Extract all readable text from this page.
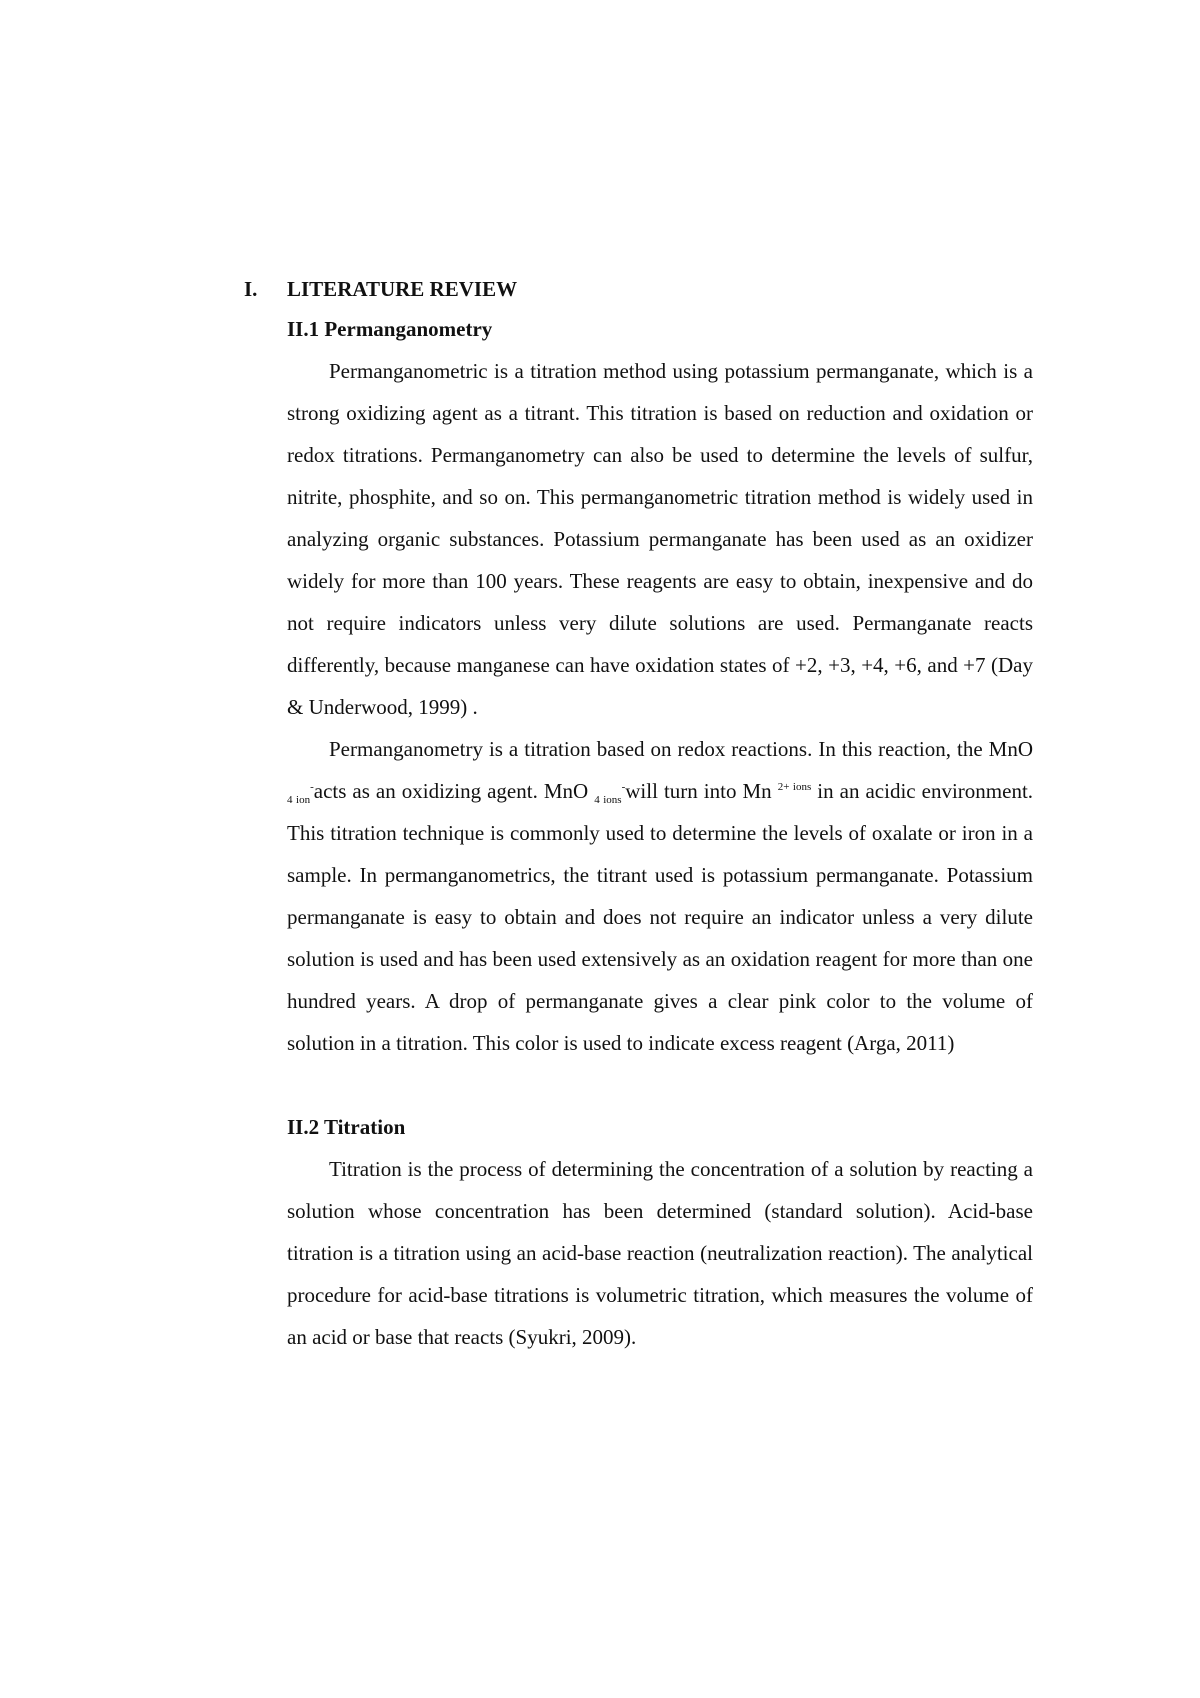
I. LITERATURE REVIEW
II.1 Permanganometry

Permanganometric is a titration method using potassium permanganate, which is a strong oxidizing agent as a titrant. This titration is based on reduction and oxidation or redox titrations. Permanganometry can also be used to determine the levels of sulfur, nitrite, phosphite, and so on. This permanganometric titration method is widely used in analyzing organic substances. Potassium permanganate has been used as an oxidizer widely for more than 100 years. These reagents are easy to obtain, inexpensive and do not require indicators unless very dilute solutions are used. Permanganate reacts differently, because manganese can have oxidation states of +2, +3, +4, +6, and +7 (Day & Underwood, 1999) .

Permanganometry is a titration based on redox reactions. In this reaction, the MnO $_{4 ion}$-acts as an oxidizing agent. MnO $_{4 ions}$-will turn into Mn $^{2+ ions}$ in an acidic environment. This titration technique is commonly used to determine the levels of oxalate or iron in a sample. In permanganometrics, the titrant used is potassium permanganate. Potassium permanganate is easy to obtain and does not require an indicator unless a very dilute solution is used and has been used extensively as an oxidation reagent for more than one hundred years. A drop of permanganate gives a clear pink color to the volume of solution in a titration. This color is used to indicate excess reagent (Arga, 2011)

II.2 Titration

Titration is the process of determining the concentration of a solution by reacting a solution whose concentration has been determined (standard solution). Acid-base titration is a titration using an acid-base reaction (neutralization reaction). The analytical procedure for acid-base titrations is volumetric titration, which measures the volume of an acid or base that reacts (Syukri, 2009).
